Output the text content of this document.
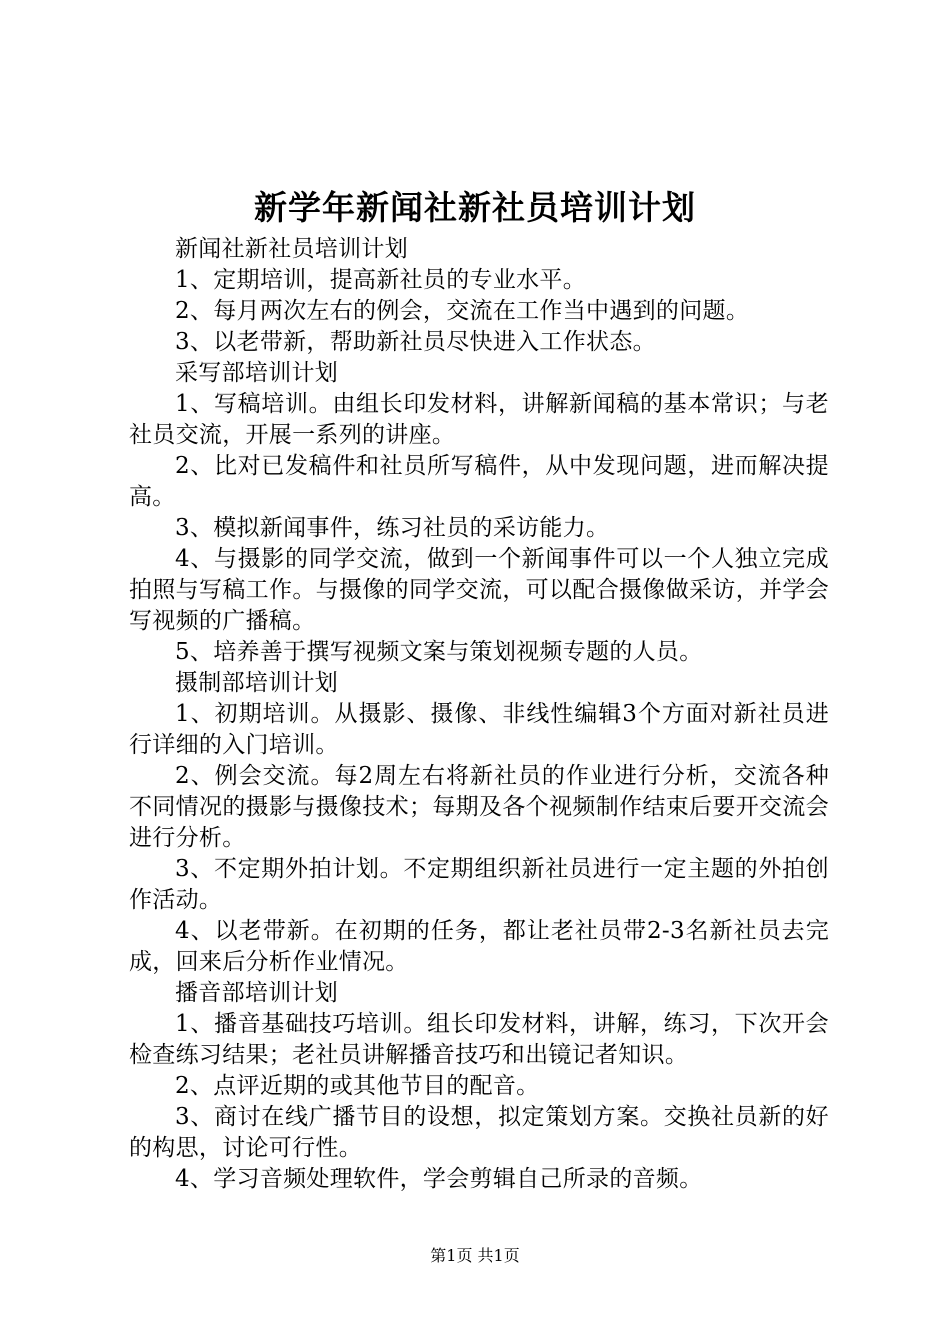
新学年新闻社新社员培训计划

新闻社新社员培训计划

1、定期培训，提高新社员的专业水平。

2、每月两次左右的例会，交流在工作当中遇到的问题。

3、以老带新，帮助新社员尽快进入工作状态。

采写部培训计划

1、写稿培训。由组长印发材料，讲解新闻稿的基本常识；与老社员交流，开展一系列的讲座。

2、比对已发稿件和社员所写稿件，从中发现问题，进而解决提高。

3、模拟新闻事件，练习社员的采访能力。

4、与摄影的同学交流，做到一个新闻事件可以一个人独立完成拍照与写稿工作。与摄像的同学交流，可以配合摄像做采访，并学会写视频的广播稿。

5、培养善于撰写视频文案与策划视频专题的人员。

摄制部培训计划

1、初期培训。从摄影、摄像、非线性编辑3个方面对新社员进行详细的入门培训。

2、例会交流。每2周左右将新社员的作业进行分析，交流各种不同情况的摄影与摄像技术；每期及各个视频制作结束后要开交流会进行分析。

3、不定期外拍计划。不定期组织新社员进行一定主题的外拍创作活动。

4、以老带新。在初期的任务，都让老社员带2-3名新社员去完成，回来后分析作业情况。

播音部培训计划

1、播音基础技巧培训。组长印发材料，讲解，练习，下次开会检查练习结果；老社员讲解播音技巧和出镜记者知识。

2、点评近期的或其他节目的配音。

3、商讨在线广播节目的设想，拟定策划方案。交换社员新的好的构思，讨论可行性。

4、学习音频处理软件，学会剪辑自己所录的音频。

第1页 共1页
